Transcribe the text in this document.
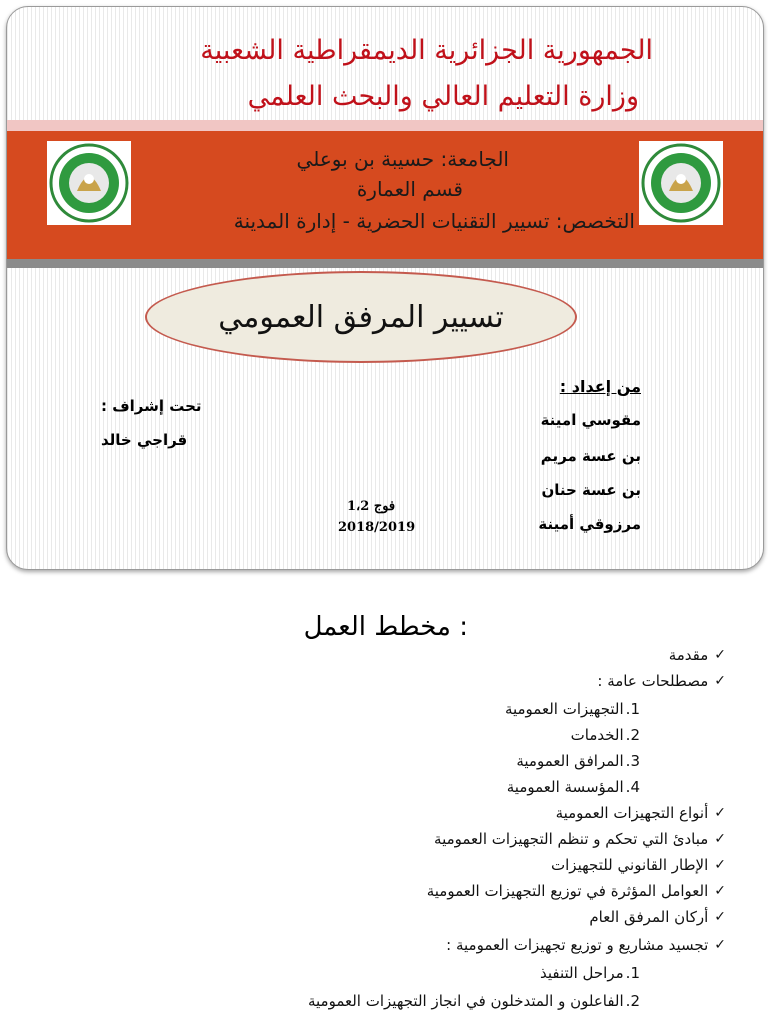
الجمهورية الجزائرية الديمقراطية الشعبية
وزارة التعليم العالي والبحث العلمي
الجامعة: حسيبة بن بوعلي
قسم العمارة
التخصص: تسيير التقنيات الحضرية - إدارة المدينة
تسيير المرفق العمومي
من إعداد :
مقوسي امينة
بن عسة مريم
بن عسة حنان
مرزوقي أمينة
تحت إشراف :
قراجي خالد
فوج 1،2
2018/2019
: مخطط العمل
✓
مقدمة
✓
مصطلحات عامة :
1.
التجهيزات العمومية
2.
الخدمات
3.
المرافق العمومية
4.
المؤسسة العمومية
✓
أنواع التجهيزات العمومية
✓
مبادئ التي تحكم و تنظم التجهيزات العمومية
✓
الإطار القانوني للتجهيزات
✓
العوامل المؤثرة في توزيع التجهيزات العمومية
✓
أركان المرفق العام
✓
تجسيد مشاريع و توزيع تجهيزات العمومية :
1.
مراحل التنفيذ
2.
الفاعلون و المتدخلون في انجاز التجهيزات العمومية
